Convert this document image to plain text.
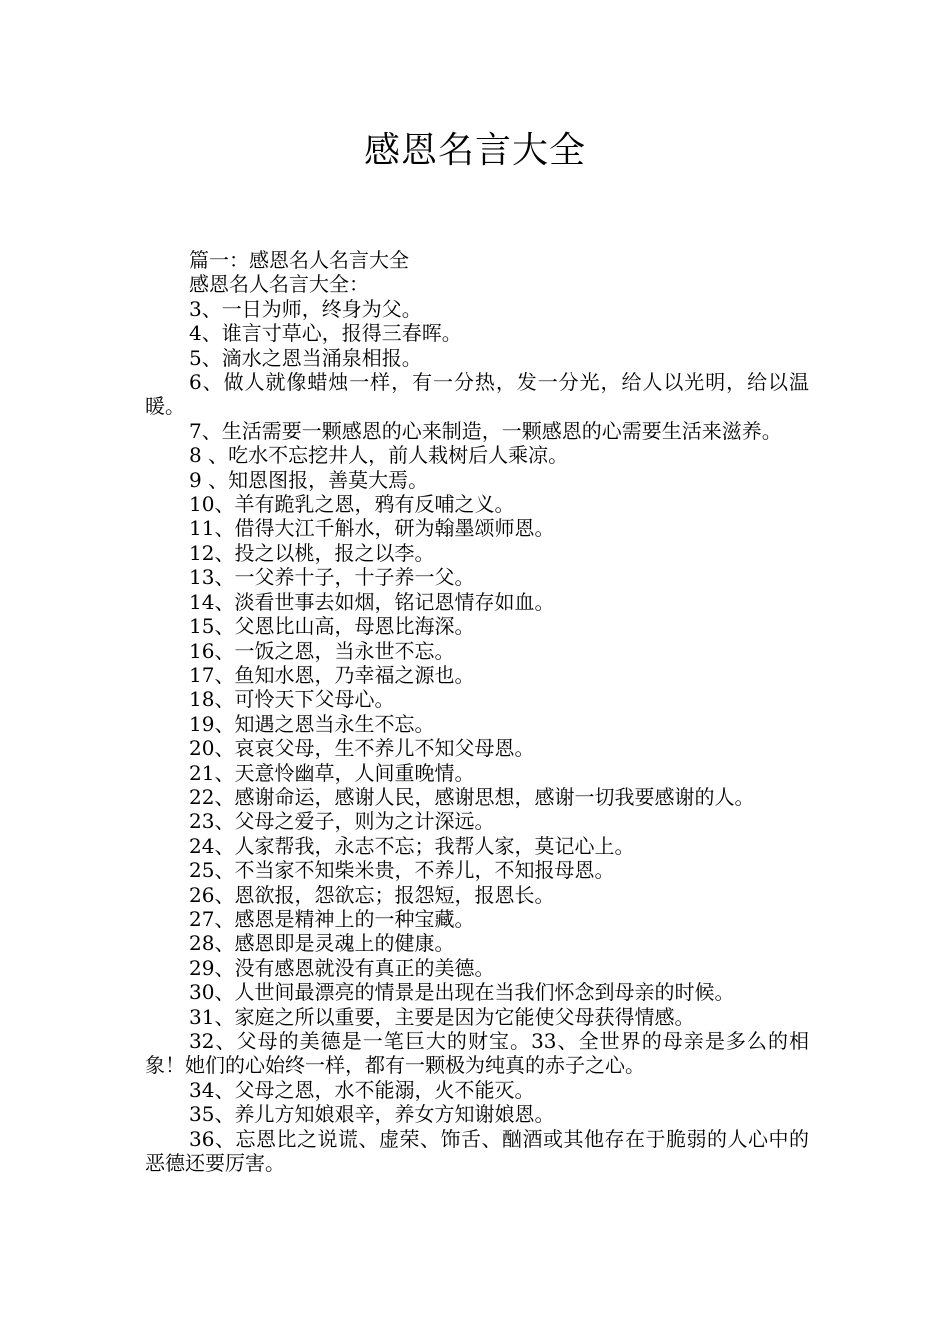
感恩名言大全

篇一：感恩名人名言大全

感恩名人名言大全：

3、一日为师，终身为父。

4、谁言寸草心，报得三春晖。

5、滴水之恩当涌泉相报。

6、做人就像蜡烛一样，有一分热，发一分光，给人以光明，给以温暖。

7、生活需要一颗感恩的心来制造，一颗感恩的心需要生活来滋养。

8 、吃水不忘挖井人，前人栽树后人乘凉。

9 、知恩图报，善莫大焉。

10、羊有跪乳之恩，鸦有反哺之义。

11、借得大江千斛水，研为翰墨颂师恩。

12、投之以桃，报之以李。

13、一父养十子，十子养一父。

14、淡看世事去如烟，铭记恩情存如血。

15、父恩比山高，母恩比海深。

16、一饭之恩，当永世不忘。

17、鱼知水恩，乃幸福之源也。

18、可怜天下父母心。

19、知遇之恩当永生不忘。

20、哀哀父母，生不养儿不知父母恩。

21、天意怜幽草，人间重晚情。

22、感谢命运，感谢人民，感谢思想，感谢一切我要感谢的人。

23、父母之爱子，则为之计深远。

24、人家帮我，永志不忘；我帮人家，莫记心上。

25、不当家不知柴米贵，不养儿，不知报母恩。

26、恩欲报，怨欲忘；报怨短，报恩长。

27、感恩是精神上的一种宝藏。

28、感恩即是灵魂上的健康。

29、没有感恩就没有真正的美德。

30、人世间最漂亮的情景是出现在当我们怀念到母亲的时候。

31、家庭之所以重要，主要是因为它能使父母获得情感。

32、父母的美德是一笔巨大的财宝。33、全世界的母亲是多么的相象！她们的心始终一样，都有一颗极为纯真的赤子之心。

34、父母之恩，水不能溺，火不能灭。

35、养儿方知娘艰辛，养女方知谢娘恩。

36、忘恩比之说谎、虚荣、饰舌、酗酒或其他存在于脆弱的人心中的恶德还要厉害。
